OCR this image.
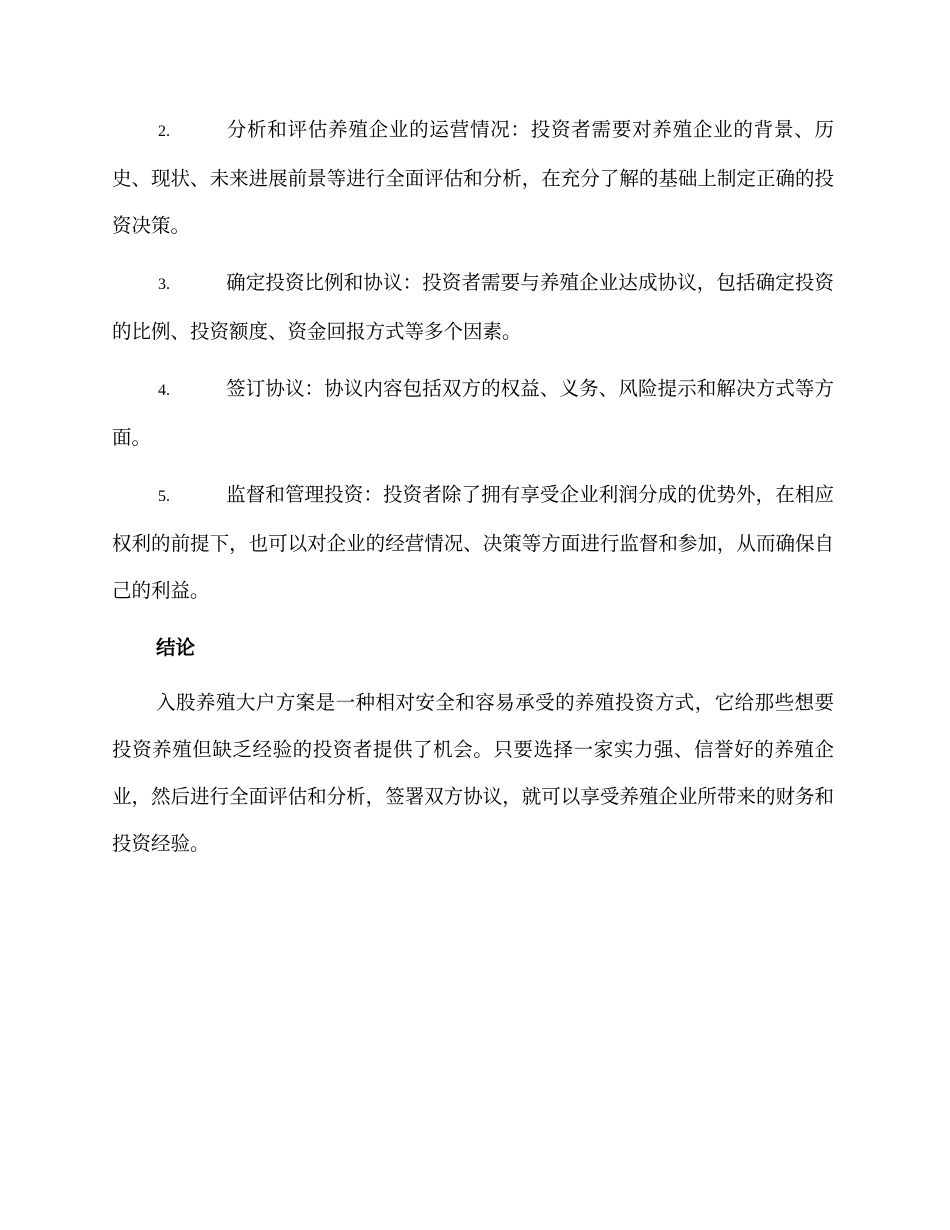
2.	分析和评估养殖企业的运营情况：投资者需要对养殖企业的背景、历史、现状、未来进展前景等进行全面评估和分析，在充分了解的基础上制定正确的投资决策。

3.	确定投资比例和协议：投资者需要与养殖企业达成协议，包括确定投资的比例、投资额度、资金回报方式等多个因素。

4.	签订协议：协议内容包括双方的权益、义务、风险提示和解决方式等方面。

5.	监督和管理投资：投资者除了拥有享受企业利润分成的优势外，在相应权利的前提下，也可以对企业的经营情况、决策等方面进行监督和参加，从而确保自己的利益。

结论

入股养殖大户方案是一种相对安全和容易承受的养殖投资方式，它给那些想要投资养殖但缺乏经验的投资者提供了机会。只要选择一家实力强、信誉好的养殖企业，然后进行全面评估和分析，签署双方协议，就可以享受养殖企业所带来的财务和投资经验。
